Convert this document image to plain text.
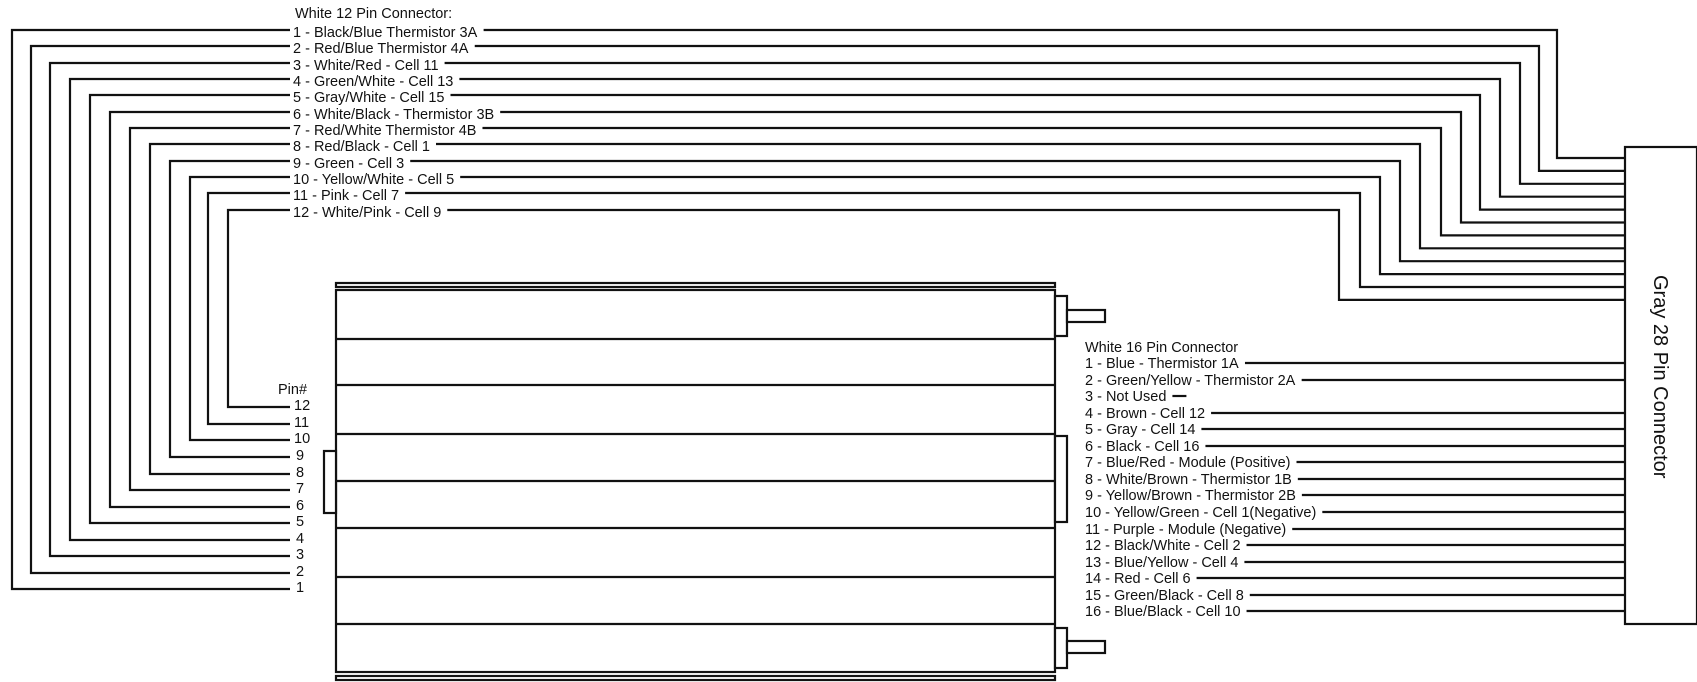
Gray 28 Pin Connector
White 12 Pin Connector:
1 - Black/Blue Thermistor 3A
2 - Red/Blue Thermistor 4A
3 - White/Red - Cell 11
4 - Green/White - Cell 13
5 - Gray/White - Cell 15
6 - White/Black - Thermistor 3B
7 - Red/White Thermistor 4B
8 - Red/Black - Cell 1
9 - Green - Cell 3
10 - Yellow/White - Cell 5
11 - Pink - Cell 7
12 - White/Pink - Cell 9
Pin#
12
11
10
9
8
7
6
5
4
3
2
1
White 16 Pin Connector
1 - Blue - Thermistor 1A
2 - Green/Yellow - Thermistor 2A
3 - Not Used
4 - Brown - Cell 12
5 - Gray - Cell 14
6 - Black - Cell 16
7 - Blue/Red - Module (Positive)
8 - White/Brown - Thermistor 1B
9 - Yellow/Brown - Thermistor 2B
10 - Yellow/Green - Cell 1(Negative)
11 - Purple - Module (Negative)
12 - Black/White - Cell 2
13 - Blue/Yellow - Cell 4
14 - Red - Cell 6
15 - Green/Black - Cell 8
16 - Blue/Black - Cell 10
